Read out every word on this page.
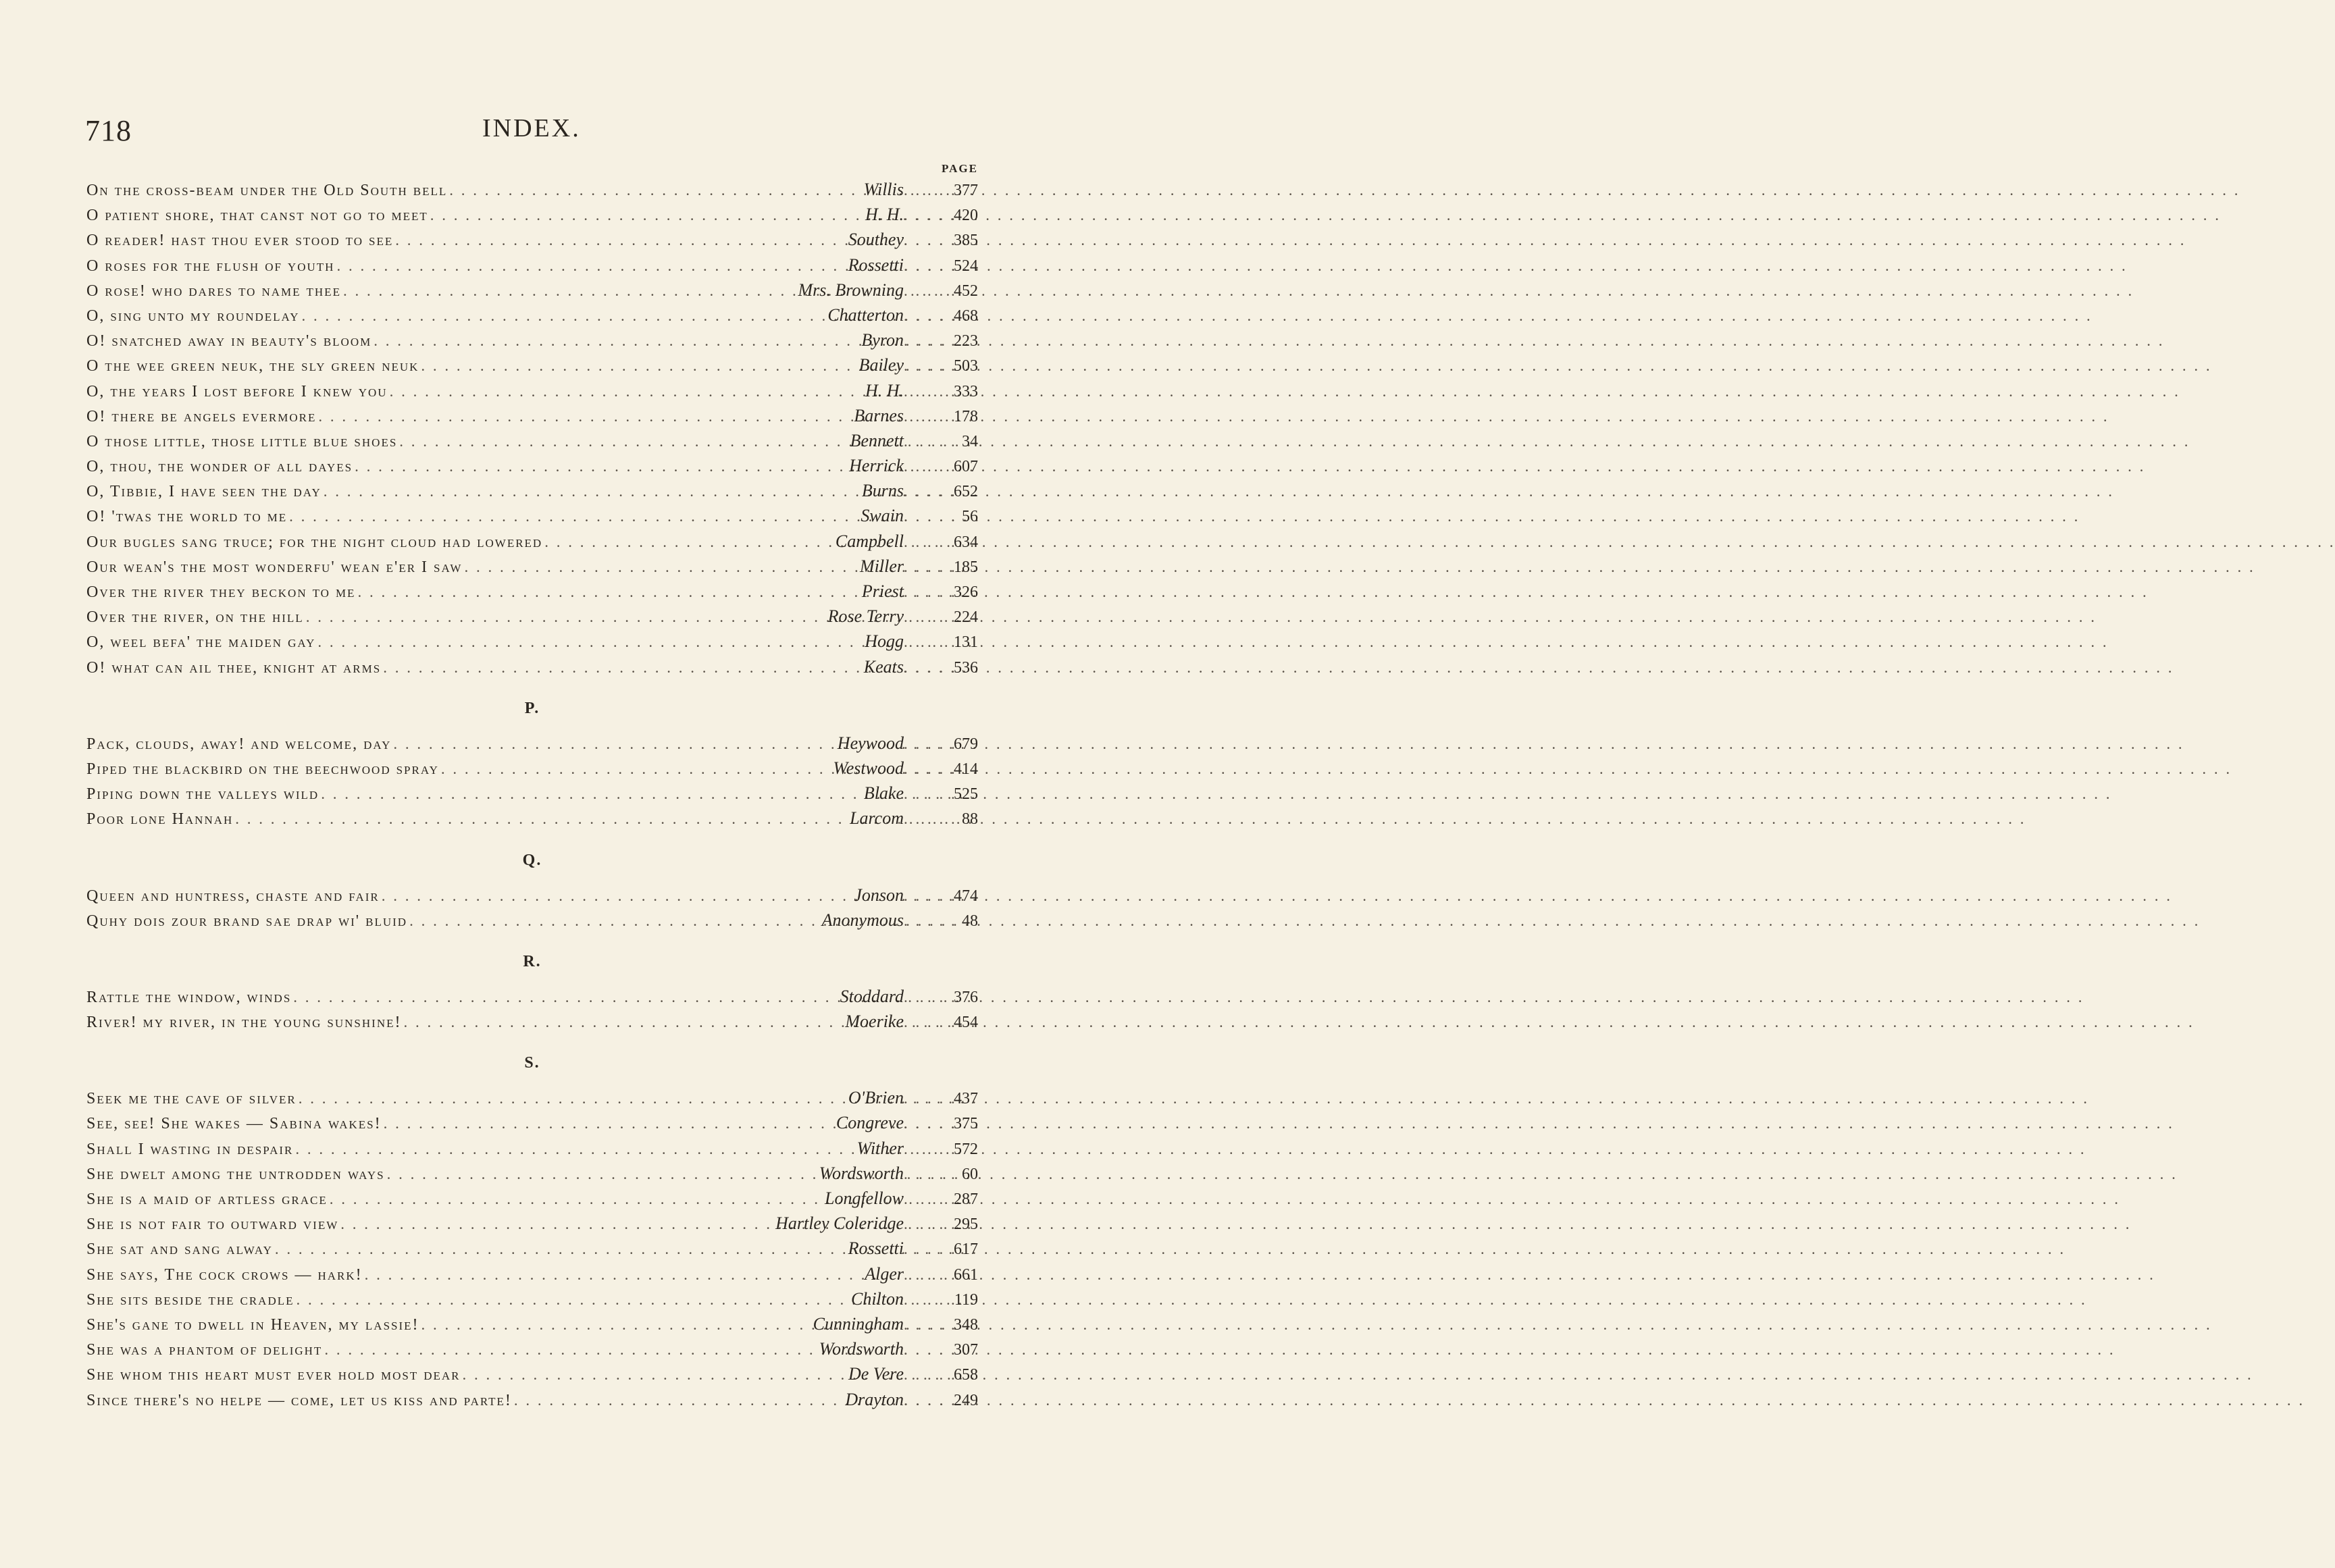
718	INDEX.
PAGE
On the cross-beam under the Old South bell . . .	Willis . . .	377
O patient shore, that canst not go to meet . . .	H. H. . . .	420
O reader! hast thou ever stood to see . . .	Southey . . .	385
O roses for the flush of youth . . .	Rossetti . . .	524
O rose! who dares to name thee . . .	Mrs. Browning . . .	452
O, sing unto my roundelay . . .	Chatterton . . .	468
O! snatched away in beauty's bloom . . .	Byron . . .	223
O the wee green neuk, the sly green neuk . . .	Bailey . . .	503
O, the years I lost before I knew you . . .	H. H. . . .	333
O! there be angels evermore . . .	Barnes . . .	178
O those little, those little blue shoes . . .	Bennett . . .	34
O, thou, the wonder of all dayes . . .	Herrick . . .	607
O, Tibbie, I have seen the day . . .	Burns . . .	652
O! 'twas the world to me . . .	Swain . . .	56
Our bugles sang truce; for the night cloud had lowered . . .	Campbell . . .	634
Our wean's the most wonderfu' wean e'er I saw . . .	Miller . . .	185
Over the river they beckon to me . . .	Priest . . .	326
Over the river, on the hill . . .	Rose Terry . . .	224
O, weel befa' the maiden gay . . .	Hogg . . .	131
O! what can ail thee, knight at arms . . .	Keats . . .	536
P.
Pack, clouds, away! and welcome, day . . .	Heywood . . .	679
Piped the blackbird on the beechwood spray . . .	Westwood . . .	414
Piping down the valleys wild . . .	Blake . . .	525
Poor lone Hannah . . .	Larcom . . .	88
Q.
Queen and huntress, chaste and fair . . .	Jonson . . .	474
Quhy dois zour brand sae drap wi' bluid . . .	Anonymous . . .	48
R.
Rattle the window, winds . . .	Stoddard . . .	376
River! my river, in the young sunshine! . . .	Moerike . . .	454
S.
Seek me the cave of silver . . .	O'Brien . . .	437
See, see! She wakes — Sabina wakes! . . .	Congreve . . .	375
Shall I wasting in despair . . .	Wither . . .	572
She dwelt among the untrodden ways . . .	Wordsworth . . .	60
She is a maid of artless grace . . .	Longfellow . . .	287
She is not fair to outward view . . .	Hartley Coleridge . . .	295
She sat and sang alway . . .	Rossetti . . .	617
She says, The cock crows — hark! . . .	Alger . . .	661
She sits beside the cradle . . .	Chilton . . .	119
She's gane to dwell in Heaven, my lassie! . . .	Cunningham . . .	348
She was a phantom of delight . . .	Wordsworth . . .	307
She whom this heart must ever hold most dear . . .	De Vere . . .	658
Since there's no helpe — come, let us kiss and parte! . . .	Drayton . . .	249
